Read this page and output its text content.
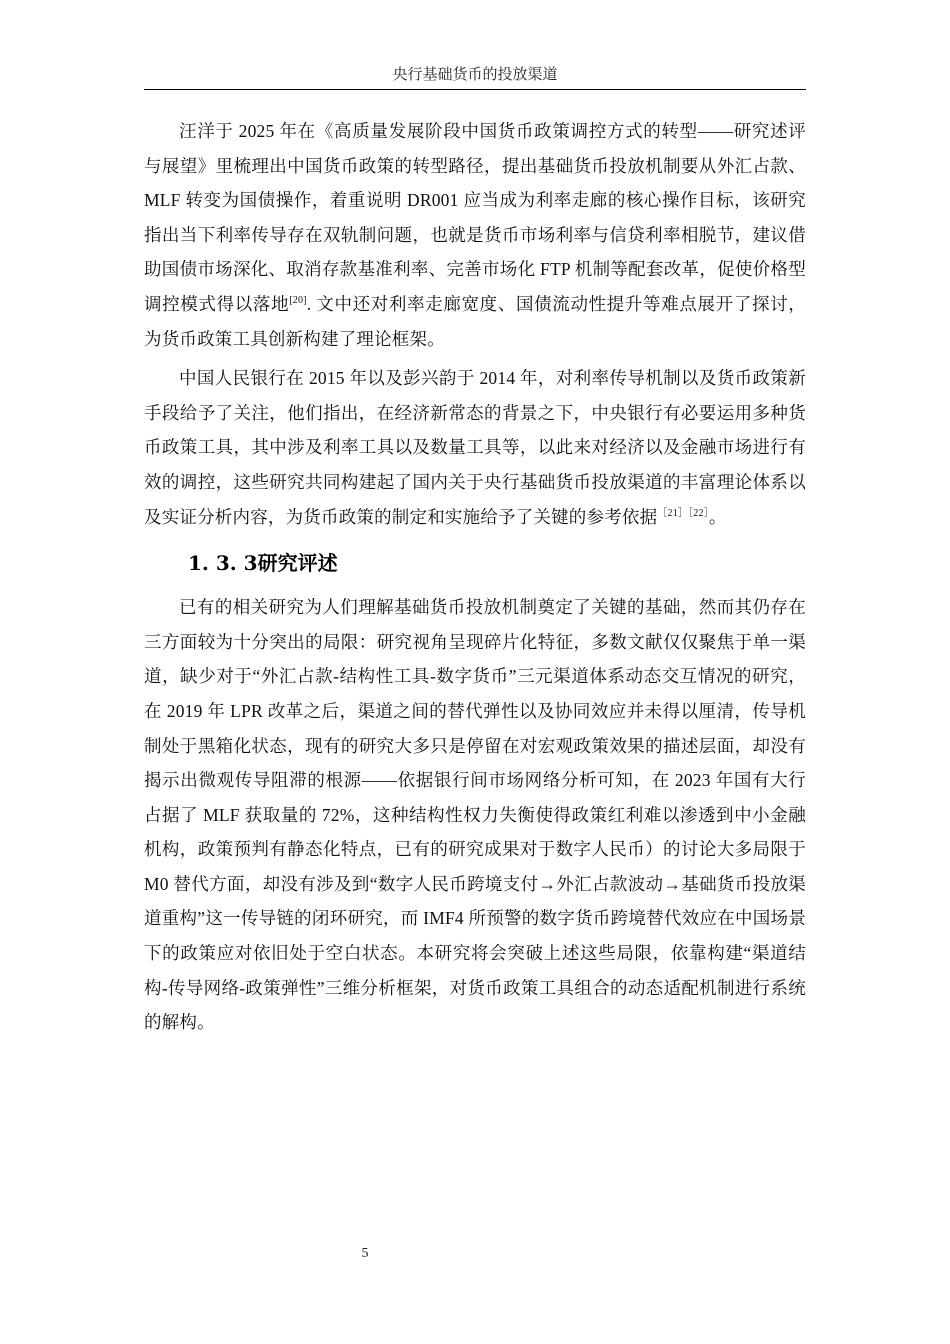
央行基础货币的投放渠道

汪洋于 2025 年在《高质量发展阶段中国货币政策调控方式的转型——研究述评与展望》里梳理出中国货币政策的转型路径，提出基础货币投放机制要从外汇占款、MLF 转变为国债操作，着重说明 DR001 应当成为利率走廊的核心操作目标，该研究指出当下利率传导存在双轨制问题，也就是货币市场利率与信贷利率相脱节，建议借助国债市场深化、取消存款基准利率、完善市场化 FTP 机制等配套改革，促使价格型调控模式得以落地[20]. 文中还对利率走廊宽度、国债流动性提升等难点展开了探讨，为货币政策工具创新构建了理论框架。

中国人民银行在 2015 年以及彭兴韵于 2014 年，对利率传导机制以及货币政策新手段给予了关注，他们指出，在经济新常态的背景之下，中央银行有必要运用多种货币政策工具，其中涉及利率工具以及数量工具等，以此来对经济以及金融市场进行有效的调控，这些研究共同构建起了国内关于央行基础货币投放渠道的丰富理论体系以及实证分析内容，为货币政策的制定和实施给予了关键的参考依据$^{[21][22]}$。

1. 3. 3研究评述

已有的相关研究为人们理解基础货币投放机制奠定了关键的基础，然而其仍存在三方面较为十分突出的局限：研究视角呈现碎片化特征，多数文献仅仅聚焦于单一渠道，缺少对于“外汇占款-结构性工具-数字货币”三元渠道体系动态交互情况的研究，在 2019 年 LPR 改革之后，渠道之间的替代弹性以及协同效应并未得以厘清，传导机制处于黑箱化状态，现有的研究大多只是停留在对宏观政策效果的描述层面，却没有揭示出微观传导阻滞的根源——依据银行间市场网络分析可知，在 2023 年国有大行占据了 MLF 获取量的 72%，这种结构性权力失衡使得政策红利难以渗透到中小金融机构，政策预判有静态化特点，已有的研究成果对于数字人民币）的讨论大多局限于 M0 替代方面，却没有涉及到“数字人民币跨境支付→外汇占款波动→基础货币投放渠道重构”这一传导链的闭环研究，而 IMF4 所预警的数字货币跨境替代效应在中国场景下的政策应对依旧处于空白状态。本研究将会突破上述这些局限，依靠构建“渠道结构-传导网络-政策弹性”三维分析框架，对货币政策工具组合的动态适配机制进行系统的解构。

5
